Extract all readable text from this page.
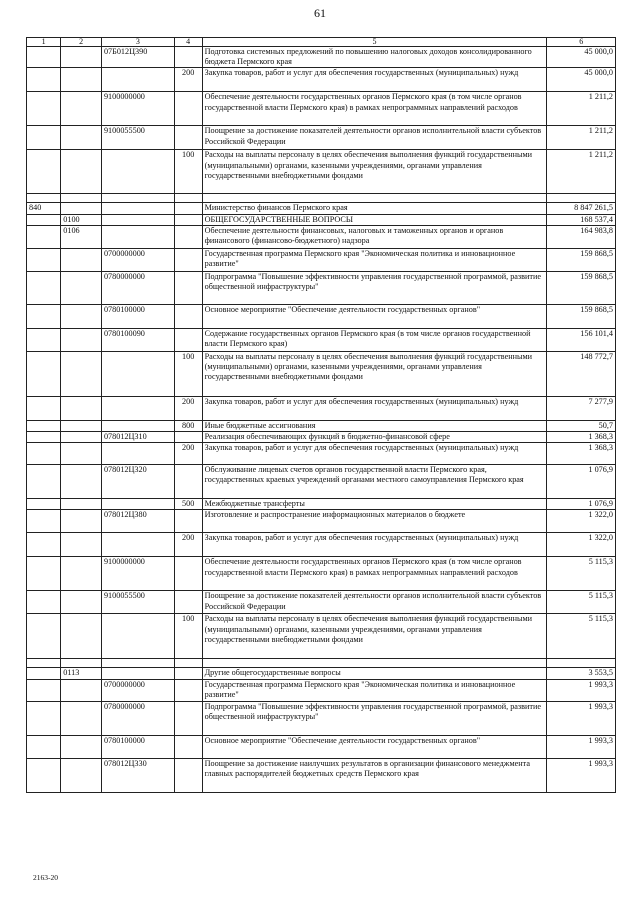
61
1	2	3	4	5	6
		07Б012Ц390		Подготовка системных предложений по повышению налоговых доходов консолидированного бюджета Пермского края	45 000,0
			200	Закупка товаров, работ и услуг для обеспечения государственных (муниципальных) нужд	45 000,0
		9100000000		Обеспечение деятельности государственных органов Пермского края (в том числе органов государственной власти Пермского края) в рамках непрограммных направлений расходов	1 211,2
		9100055500		Поощрение за достижение показателей деятельности органов исполнительной власти субъектов Российской Федерации	1 211,2
			100	Расходы на выплаты персоналу в целях обеспечения выполнения функций государственными (муниципальными) органами, казенными учреждениями, органами управления государственными внебюджетными фондами	1 211,2

840				Министерство финансов Пермского края	8 847 261,5
	0100			ОБЩЕГОСУДАРСТВЕННЫЕ ВОПРОСЫ	168 537,4
	0106			Обеспечение деятельности финансовых, налоговых и таможенных органов и органов финансового (финансово-бюджетного) надзора	164 983,8
		0700000000		Государственная программа Пермского края "Экономическая политика и инновационное развитие"	159 868,5
		0780000000		Подпрограмма "Повышение эффективности управления государственной программой, развитие общественной инфраструктуры"	159 868,5
		0780100000		Основное мероприятие "Обеспечение деятельности государственных органов"	159 868,5
		0780100090		Содержание государственных органов Пермского края (в том числе органов государственной власти Пермского края)	156 101,4
			100	Расходы на выплаты персоналу в целях обеспечения выполнения функций государственными (муниципальными) органами, казенными учреждениями, органами управления государственными внебюджетными фондами	148 772,7
			200	Закупка товаров, работ и услуг для обеспечения государственных (муниципальных) нужд	7 277,9
			800	Иные бюджетные ассигнования	50,7
		078012Ц310		Реализация обеспечивающих функций в бюджетно-финансовой сфере	1 368,3
			200	Закупка товаров, работ и услуг для обеспечения государственных (муниципальных) нужд	1 368,3
		078012Ц320		Обслуживание лицевых счетов органов государственной власти Пермского края, государственных краевых учреждений органами местного самоуправления Пермского края	1 076,9
			500	Межбюджетные трансферты	1 076,9
		078012Ц380		Изготовление и распространение информационных материалов о бюджете	1 322,0
			200	Закупка товаров, работ и услуг для обеспечения государственных (муниципальных) нужд	1 322,0
		9100000000		Обеспечение деятельности государственных органов Пермского края (в том числе органов государственной власти Пермского края) в рамках непрограммных направлений расходов	5 115,3
		9100055500		Поощрение за достижение показателей деятельности органов исполнительной власти субъектов Российской Федерации	5 115,3
			100	Расходы на выплаты персоналу в целях обеспечения выполнения функций государственными (муниципальными) органами, казенными учреждениями, органами управления государственными внебюджетными фондами	5 115,3

	0113			Другие общегосударственные вопросы	3 553,5
		0700000000		Государственная программа Пермского края "Экономическая политика и инновационное развитие"	1 993,3
		0780000000		Подпрограмма "Повышение эффективности управления государственной программой, развитие общественной инфраструктуры"	1 993,3
		0780100000		Основное мероприятие "Обеспечение деятельности государственных органов"	1 993,3
		078012Ц330		Поощрение за достижение наилучших результатов в организации финансового менеджмента главных распорядителей бюджетных средств Пермского края	1 993,3
2163-20
